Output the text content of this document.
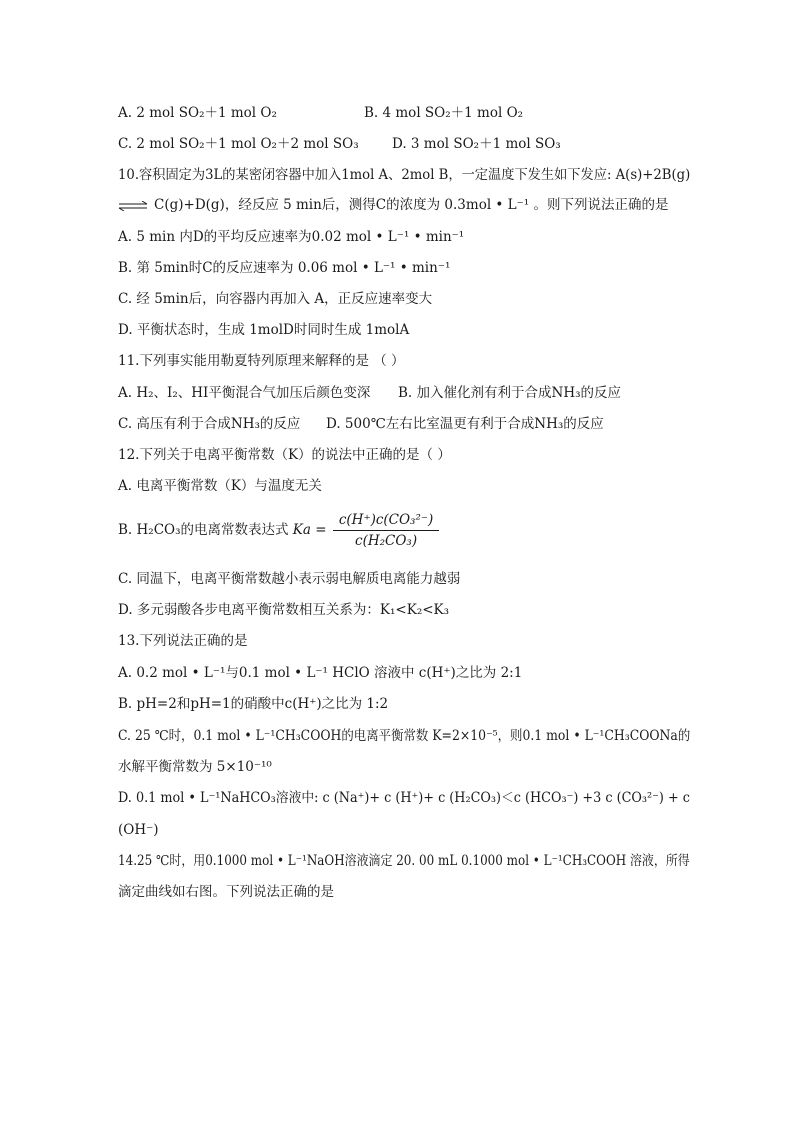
A. 2 mol SO₂＋1 mol O₂	B. 4 mol SO₂＋1 mol O₂
C. 2 mol SO₂＋1 mol O₂＋2 mol SO₃ D. 3 mol SO₂＋1 mol SO₃
10.容积固定为3L的某密闭容器中加入1mol A、2mol B，一定温度下发生如下发应: A(s)+2B(g)
⇌ C(g)+D(g)，经反应 5 min后，测得C的浓度为 0.3mol • L⁻¹ 。则下列说法正确的是
A. 5 min 内D的平均反应速率为0.02 mol • L⁻¹ • min⁻¹
B. 第 5min时C的反应速率为 0.06 mol • L⁻¹ • min⁻¹
C. 经 5min后，向容器内再加入 A，正反应速率变大
D. 平衡状态时，生成 1molD时同时生成 1molA
11.下列事实能用勒夏特列原理来解释的是 （ ）
A. H₂、I₂、HI平衡混合气加压后颜色变深 B. 加入催化剂有利于合成NH₃的反应
C. 高压有利于合成NH₃的反应 D. 500℃左右比室温更有利于合成NH₃的反应
12.下列关于电离平衡常数（K）的说法中正确的是（ ）
A. 电离平衡常数（K）与温度无关
B. H₂CO₃的电离常数表达式 $Ka = \frac{\text{c(H⁺)c(CO₃²⁻)}}{\text{c(H₂CO₃)}}$
C. 同温下，电离平衡常数越小表示弱电解质电离能力越弱
D. 多元弱酸各步电离平衡常数相互关系为：K₁<K₂<K₃
13.下列说法正确的是
A. 0.2 mol • L⁻¹与0.1 mol • L⁻¹ HClO 溶液中 c(H⁺)之比为 2:1
B. pH=2和pH=1的硝酸中c(H⁺)之比为 1:2
C. 25 ℃时，0.1 mol • L⁻¹CH₃COOH的电离平衡常数 K=2×10⁻⁵，则0.1 mol • L⁻¹CH₃COONa的
水解平衡常数为 5×10⁻¹⁰
D. 0.1 mol • L⁻¹NaHCO₃溶液中: c (Na⁺)+ c (H⁺)+ c (H₂CO₃)＜c (HCO₃⁻) +3 c (CO₃²⁻) + c
(OH⁻)
14.25 ℃时，用0.1000 mol • L⁻¹NaOH溶液滴定 20. 00 mL 0.1000 mol • L⁻¹CH₃COOH 溶液，所得
滴定曲线如右图。下列说法正确的是
